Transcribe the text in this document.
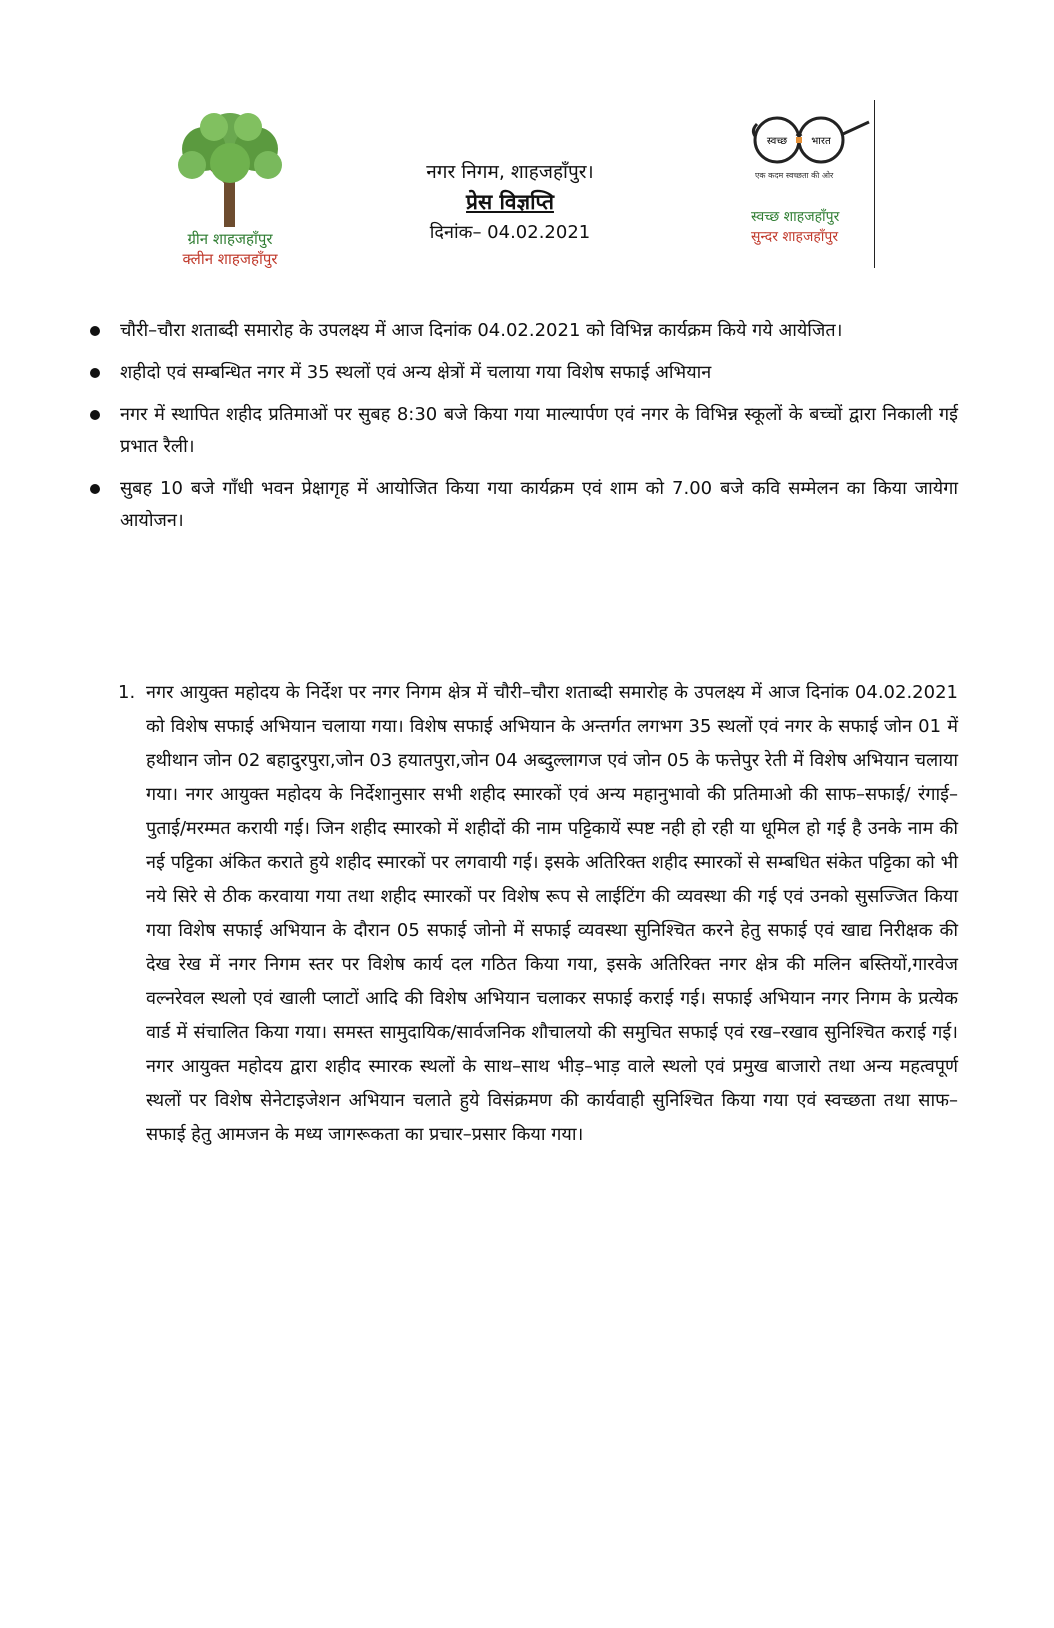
ग्रीन शाहजहाँपुर
क्लीन शाहजहाँपुर
नगर निगम, शाहजहाँपुर।
प्रेस विज्ञप्ति
दिनांक– 04.02.2021
स्वच्छ भारत
एक कदम स्वच्छता की ओर
स्वच्छ शाहजहाँपुर
सुन्दर शाहजहाँपुर
चौरी–चौरा शताब्दी समारोह के उपलक्ष्य में आज दिनांक 04.02.2021 को विभिन्न कार्यक्रम किये गये आयेजित।
शहीदो एवं सम्बन्धित नगर में 35 स्थलों एवं अन्य क्षेत्रों में चलाया गया विशेष सफाई अभियान
नगर में स्थापित शहीद प्रतिमाओं पर सुबह 8:30 बजे किया गया माल्यार्पण एवं नगर के विभिन्न स्कूलों के बच्चों द्वारा निकाली गई प्रभात रैली।
सुबह 10 बजे गाँधी भवन प्रेक्षागृह में आयोजित किया गया कार्यक्रम एवं शाम को 7.00 बजे कवि सम्मेलन का किया जायेगा आयोजन।
1. नगर आयुक्त महोदय के निर्देश पर नगर निगम क्षेत्र में चौरी–चौरा शताब्दी समारोह के उपलक्ष्य में आज दिनांक 04.02.2021 को विशेष सफाई अभियान चलाया गया। विशेष सफाई अभियान के अन्तर्गत लगभग 35 स्थलों एवं नगर के सफाई जोन 01 में हथीथान जोन 02 बहादुरपुरा,जोन 03 हयातपुरा,जोन 04 अब्दुल्लागज एवं जोन 05 के फत्तेपुर रेती में विशेष अभियान चलाया गया। नगर आयुक्त महोदय के निर्देशानुसार सभी शहीद स्मारकों एवं अन्य महानुभावो की प्रतिमाओ की साफ–सफाई/ रंगाई–पुताई/मरम्मत करायी गई। जिन शहीद स्मारको में शहीदों की नाम पट्टिकायें स्पष्ट नही हो रही या धूमिल हो गई है उनके नाम की नई पट्टिका अंकित कराते हुये शहीद स्मारकों पर लगवायी गई। इसके अतिरिक्त शहीद स्मारकों से सम्बधित संकेत पट्टिका को भी नये सिरे से ठीक करवाया गया तथा शहीद स्मारकों पर विशेष रूप से लाईटिंग की व्यवस्था की गई एवं उनको सुसज्जित किया गया विशेष सफाई अभियान के दौरान 05 सफाई जोनो में सफाई व्यवस्था सुनिश्चित करने हेतु सफाई एवं खाद्य निरीक्षक की देख रेख में नगर निगम स्तर पर विशेष कार्य दल गठित किया गया, इसके अतिरिक्त नगर क्षेत्र की मलिन बस्तियों,गारवेज वल्नरेवल स्थलो एवं खाली प्लाटों आदि की विशेष अभियान चलाकर सफाई कराई गई। सफाई अभियान नगर निगम के प्रत्येक वार्ड में संचालित किया गया। समस्त सामुदायिक/सार्वजनिक शौचालयो की समुचित सफाई एवं रख–रखाव सुनिश्चित कराई गई। नगर आयुक्त महोदय द्वारा शहीद स्मारक स्थलों के साथ–साथ भीड़–भाड़ वाले स्थलो एवं प्रमुख बाजारो तथा अन्य महत्वपूर्ण स्थलों पर विशेष सेनेटाइजेशन अभियान चलाते हुये विसंक्रमण की कार्यवाही सुनिश्चित किया गया एवं स्वच्छता तथा साफ–सफाई हेतु आमजन के मध्य जागरूकता का प्रचार–प्रसार किया गया।
